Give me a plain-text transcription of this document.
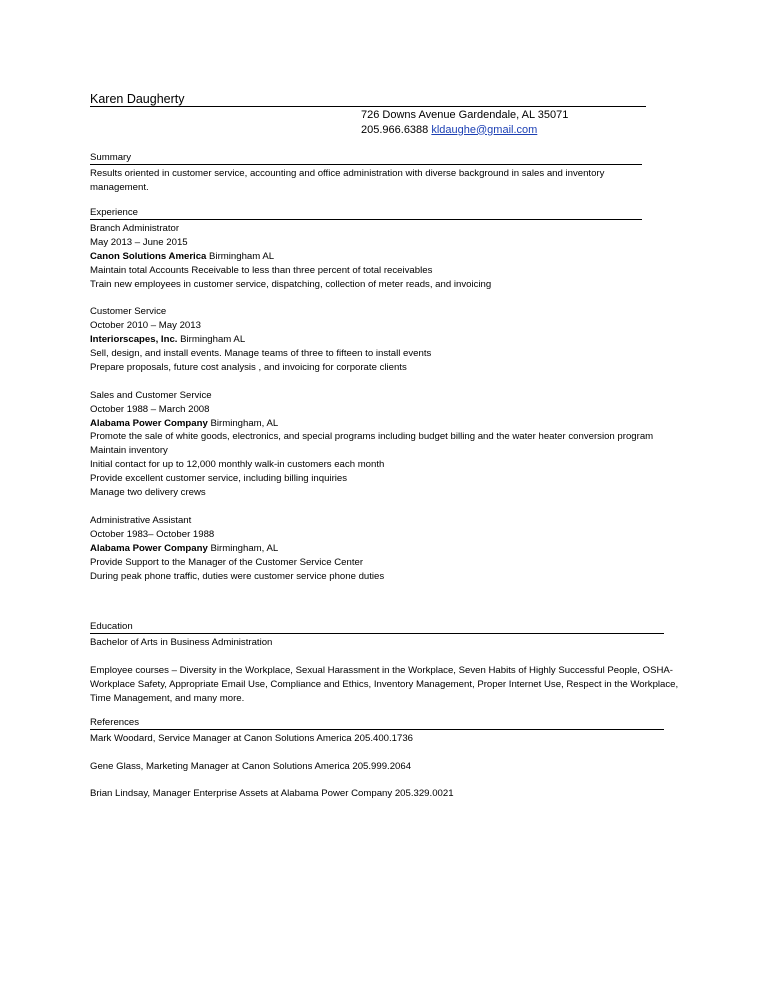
Karen Daugherty
726 Downs Avenue Gardendale, AL 35071
205.966.6388 kldaughe@gmail.com
Summary
Results oriented in customer service, accounting and office administration with diverse background in sales and inventory management.
Experience
Branch Administrator
May 2013 – June 2015
Canon Solutions America Birmingham AL
Maintain total Accounts Receivable to less than three percent of total receivables
Train new employees in customer service, dispatching, collection of meter reads, and invoicing
Customer Service
October 2010 – May 2013
Interiorscapes, Inc. Birmingham AL
Sell, design, and install events. Manage teams of three to fifteen to install events
Prepare proposals, future cost analysis , and invoicing for corporate clients
Sales and Customer Service
October 1988 – March 2008
Alabama Power Company Birmingham, AL
Promote the sale of white goods, electronics, and special programs including budget billing and the water heater conversion program
Maintain inventory
Initial contact for up to 12,000 monthly walk-in customers each month
Provide excellent customer service, including billing inquiries
Manage two delivery crews
Administrative Assistant
October 1983– October 1988
Alabama Power Company Birmingham, AL
Provide Support to the Manager of the Customer Service Center
During peak phone traffic, duties were customer service phone duties
Education
Bachelor of Arts in Business Administration
Employee courses – Diversity in the Workplace, Sexual Harassment in the Workplace, Seven Habits of Highly Successful People, OSHA-Workplace Safety, Appropriate Email Use, Compliance and Ethics, Inventory Management, Proper Internet Use, Respect in the Workplace, Time Management, and many more.
References
Mark Woodard, Service Manager at Canon Solutions America 205.400.1736
Gene Glass, Marketing Manager at Canon Solutions America 205.999.2064
Brian Lindsay, Manager Enterprise Assets at Alabama Power Company 205.329.0021
